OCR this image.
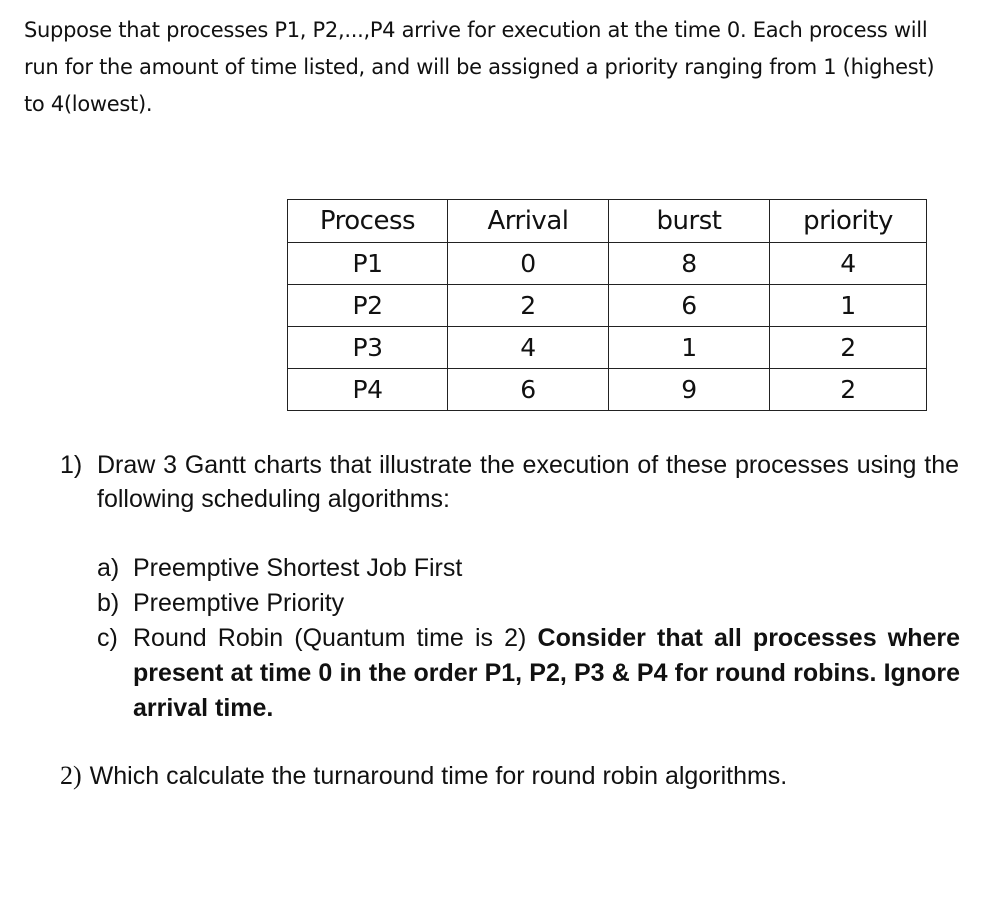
Suppose that processes P1, P2,...,P4 arrive for execution at the time 0. Each process will

run for the amount of time listed, and will be assigned a priority ranging from 1 (highest)

to 4(lowest).

Process	Arrival	burst	priority
P1	0	8	4
P2	2	6	1
P3	4	1	2
P4	6	9	2
1) Draw 3 Gantt charts that illustrate the execution of these processes using the following scheduling algorithms:
a) Preemptive Shortest Job First
b) Preemptive Priority
c) Round Robin (Quantum time is 2) Consider that all processes where present at time 0 in the order P1, P2, P3 & P4 for round robins. Ignore arrival time.
2) Which calculate the turnaround time for round robin algorithms.
